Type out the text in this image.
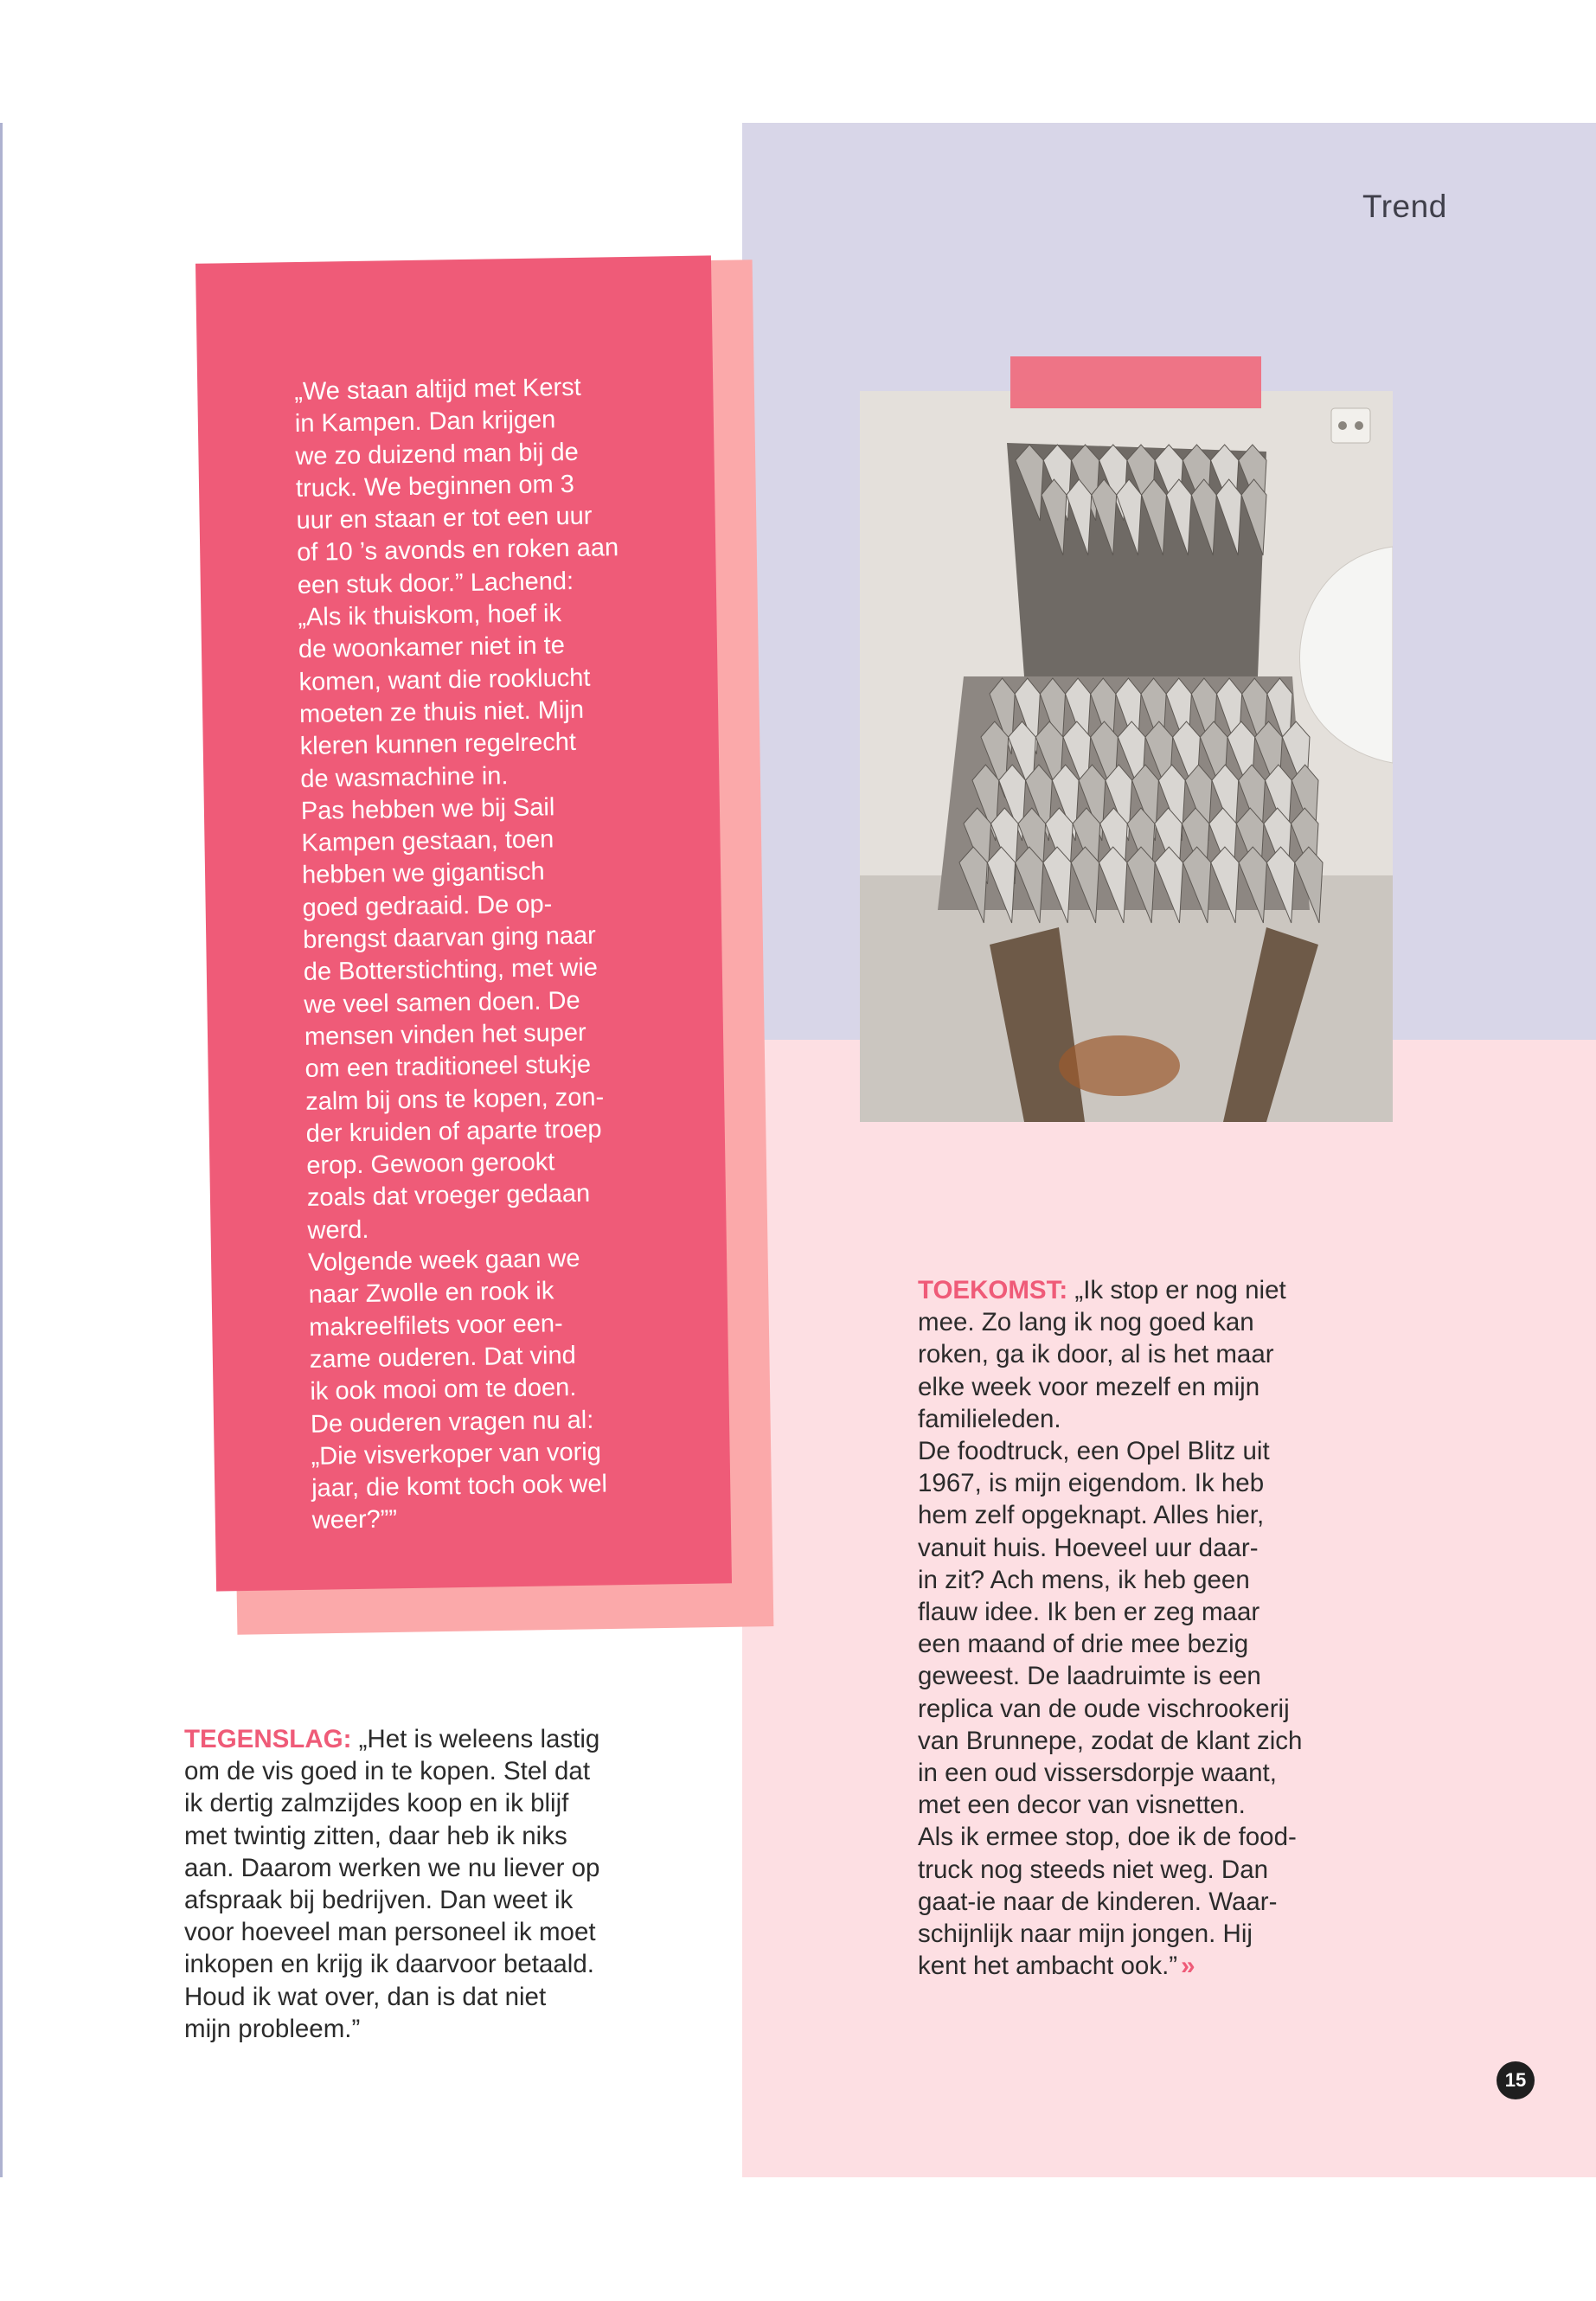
Trend
„We staan altijd met Kerst
in Kampen. Dan krijgen
we zo duizend man bij de
truck. We beginnen om 3
uur en staan er tot een uur
of 10 ’s avonds en roken aan
een stuk door.” Lachend:
„Als ik thuiskom, hoef ik
de woonkamer niet in te
komen, want die rooklucht
moeten ze thuis niet. Mijn
kleren kunnen regelrecht
de wasmachine in.
Pas hebben we bij Sail
Kampen gestaan, toen
hebben we gigantisch
goed gedraaid. De op-
brengst daarvan ging naar
de Botterstichting, met wie
we veel samen doen. De
mensen vinden het super
om een traditioneel stukje
zalm bij ons te kopen, zon-
der kruiden of aparte troep
erop. Gewoon gerookt
zoals dat vroeger gedaan
werd.
Volgende week gaan we
naar Zwolle en rook ik
makreelfilets voor een-
zame ouderen. Dat vind
ik ook mooi om te doen.
De ouderen vragen nu al:
„Die visverkoper van vorig
jaar, die komt toch ook wel
weer?””
TEGENSLAG: „Het is weleens lastig
om de vis goed in te kopen. Stel dat
ik dertig zalmzijdes koop en ik blijf
met twintig zitten, daar heb ik niks
aan. Daarom werken we nu liever op
afspraak bij bedrijven. Dan weet ik
voor hoeveel man personeel ik moet
inkopen en krijg ik daarvoor betaald.
Houd ik wat over, dan is dat niet
mijn probleem.”
TOEKOMST: „Ik stop er nog niet
mee. Zo lang ik nog goed kan
roken, ga ik door, al is het maar
elke week voor mezelf en mijn
familieleden.
De foodtruck, een Opel Blitz uit
1967, is mijn eigendom. Ik heb
hem zelf opgeknapt. Alles hier,
vanuit huis. Hoeveel uur daar-
in zit? Ach mens, ik heb geen
flauw idee. Ik ben er zeg maar
een maand of drie mee bezig
geweest. De laadruimte is een
replica van de oude vischrookerij
van Brunnepe, zodat de klant zich
in een oud vissersdorpje waant,
met een decor van visnetten.
Als ik ermee stop, doe ik de food-
truck nog steeds niet weg. Dan
gaat-ie naar de kinderen. Waar-
schijnlijk naar mijn jongen. Hij
kent het ambacht ook.” »
15
